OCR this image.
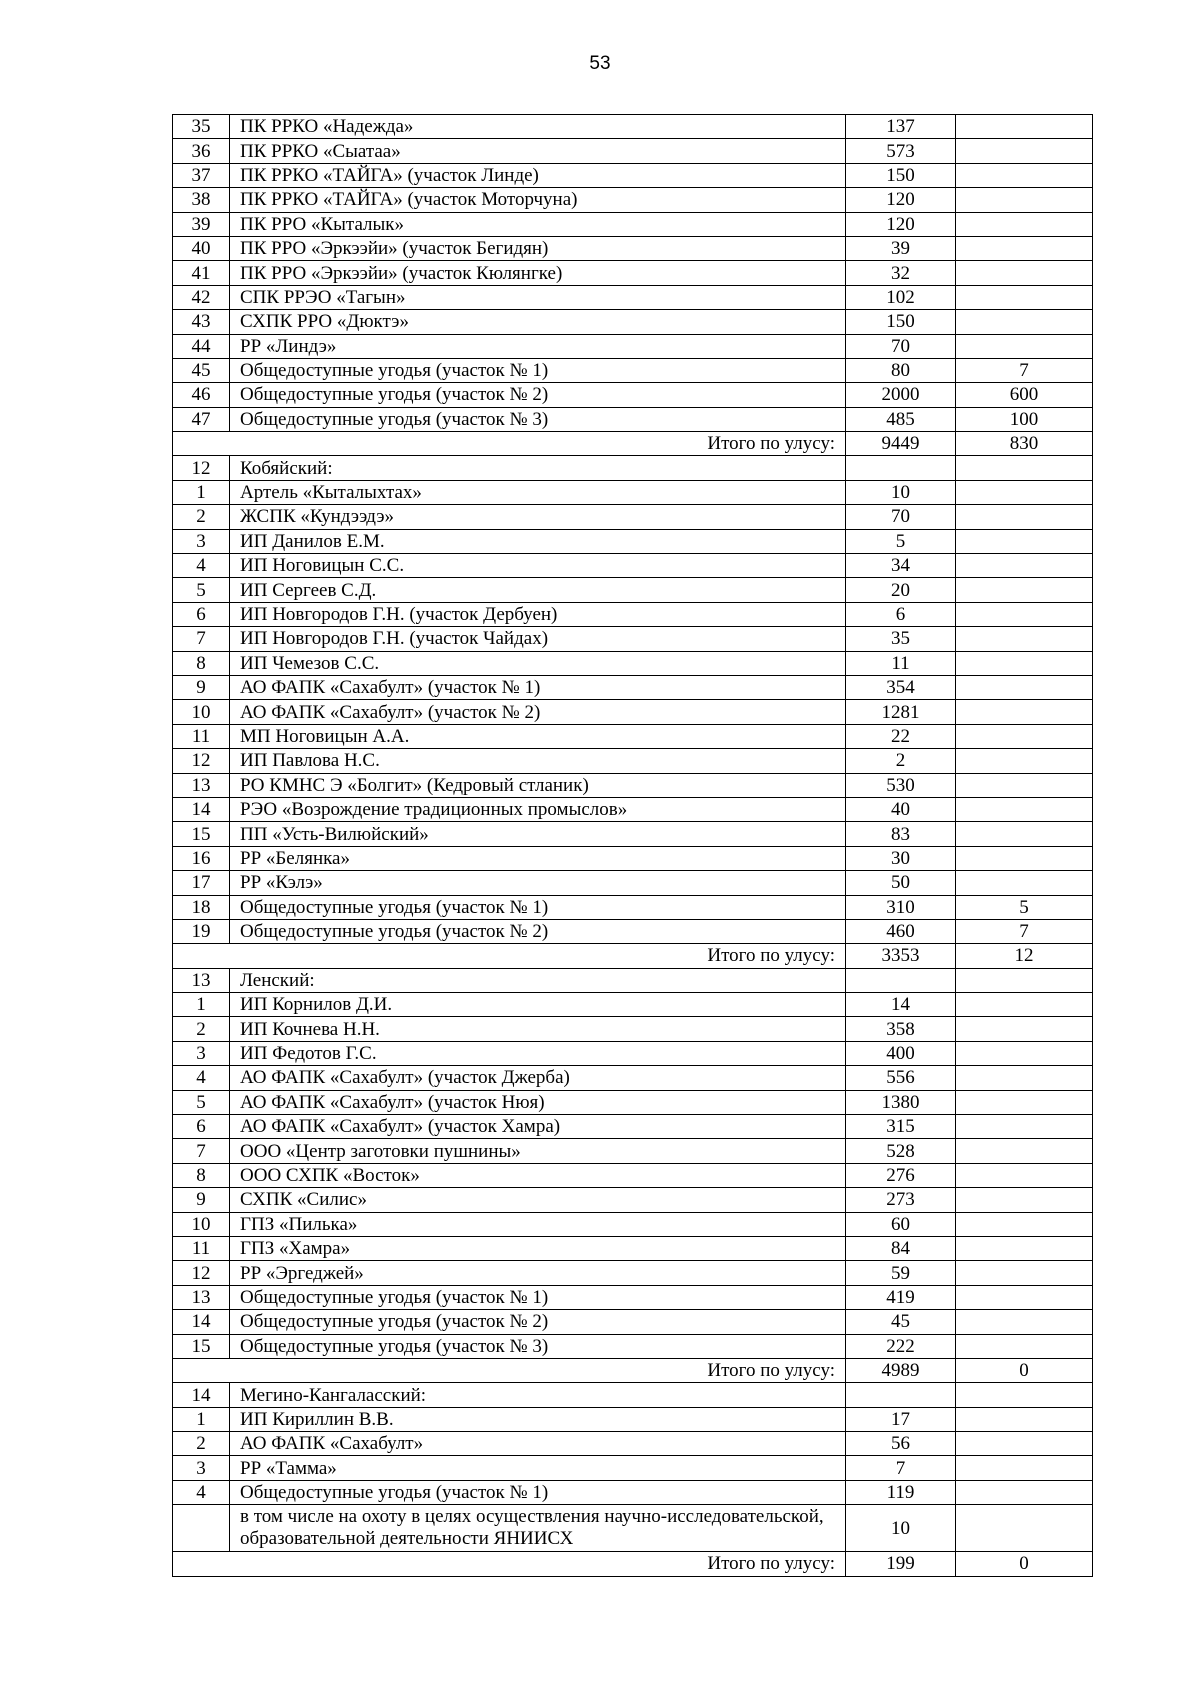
53
35	ПК РРКО «Надежда»	137	
36	ПК РРКО «Сыатаа»	573	
37	ПК РРКО «ТАЙГА» (участок Линде)	150	
38	ПК РРКО «ТАЙГА» (участок Моторчуна)	120	
39	ПК РРО «Кыталык»	120	
40	ПК РРО «Эркээйи» (участок Бегидян)	39	
41	ПК РРО «Эркээйи» (участок Кюлянгке)	32	
42	СПК РРЭО «Тагын»	102	
43	СХПК РРО «Дюктэ»	150	
44	РР «Линдэ»	70	
45	Общедоступные угодья (участок № 1)	80	7
46	Общедоступные угодья (участок № 2)	2000	600
47	Общедоступные угодья (участок № 3)	485	100
Итого по улусу:		9449	830
12	Кобяйский:		
1	Артель «Кыталыхтах»	10	
2	ЖСПК «Кундээдэ»	70	
3	ИП Данилов Е.М.	5	
4	ИП Ноговицын С.С.	34	
5	ИП Сергеев С.Д.	20	
6	ИП Новгородов Г.Н. (участок Дербуен)	6	
7	ИП Новгородов Г.Н. (участок Чайдах)	35	
8	ИП Чемезов С.С.	11	
9	АО ФАПК «Сахабулт» (участок № 1)	354	
10	АО ФАПК «Сахабулт» (участок № 2)	1281	
11	МП Ноговицын А.А.	22	
12	ИП Павлова Н.С.	2	
13	РО КМНС Э «Болгит» (Кедровый стланик)	530	
14	РЭО «Возрождение традиционных промыслов»	40	
15	ПП «Усть-Вилюйский»	83	
16	РР «Белянка»	30	
17	РР «Кэлэ»	50	
18	Общедоступные угодья (участок № 1)	310	5
19	Общедоступные угодья (участок № 2)	460	7
Итого по улусу:		3353	12
13	Ленский:		
1	ИП Корнилов Д.И.	14	
2	ИП Кочнева Н.Н.	358	
3	ИП Федотов Г.С.	400	
4	АО ФАПК «Сахабулт» (участок Джерба)	556	
5	АО ФАПК «Сахабулт» (участок Нюя)	1380	
6	АО ФАПК «Сахабулт» (участок Хамра)	315	
7	ООО «Центр заготовки пушнины»	528	
8	ООО СХПК «Восток»	276	
9	СХПК «Силис»	273	
10	ГПЗ «Пилька»	60	
11	ГПЗ «Хамра»	84	
12	РР «Эргеджей»	59	
13	Общедоступные угодья (участок № 1)	419	
14	Общедоступные угодья (участок № 2)	45	
15	Общедоступные угодья (участок № 3)	222	
Итого по улусу:		4989	0
14	Мегино-Кангаласский:		
1	ИП Кириллин В.В.	17	
2	АО ФАПК «Сахабулт»	56	
3	РР «Тамма»	7	
4	Общедоступные угодья (участок № 1)	119	
	в том числе на охоту в целях осуществления научно-исследовательской, образовательной деятельности ЯНИИСХ	10	
Итого по улусу:		199	0
